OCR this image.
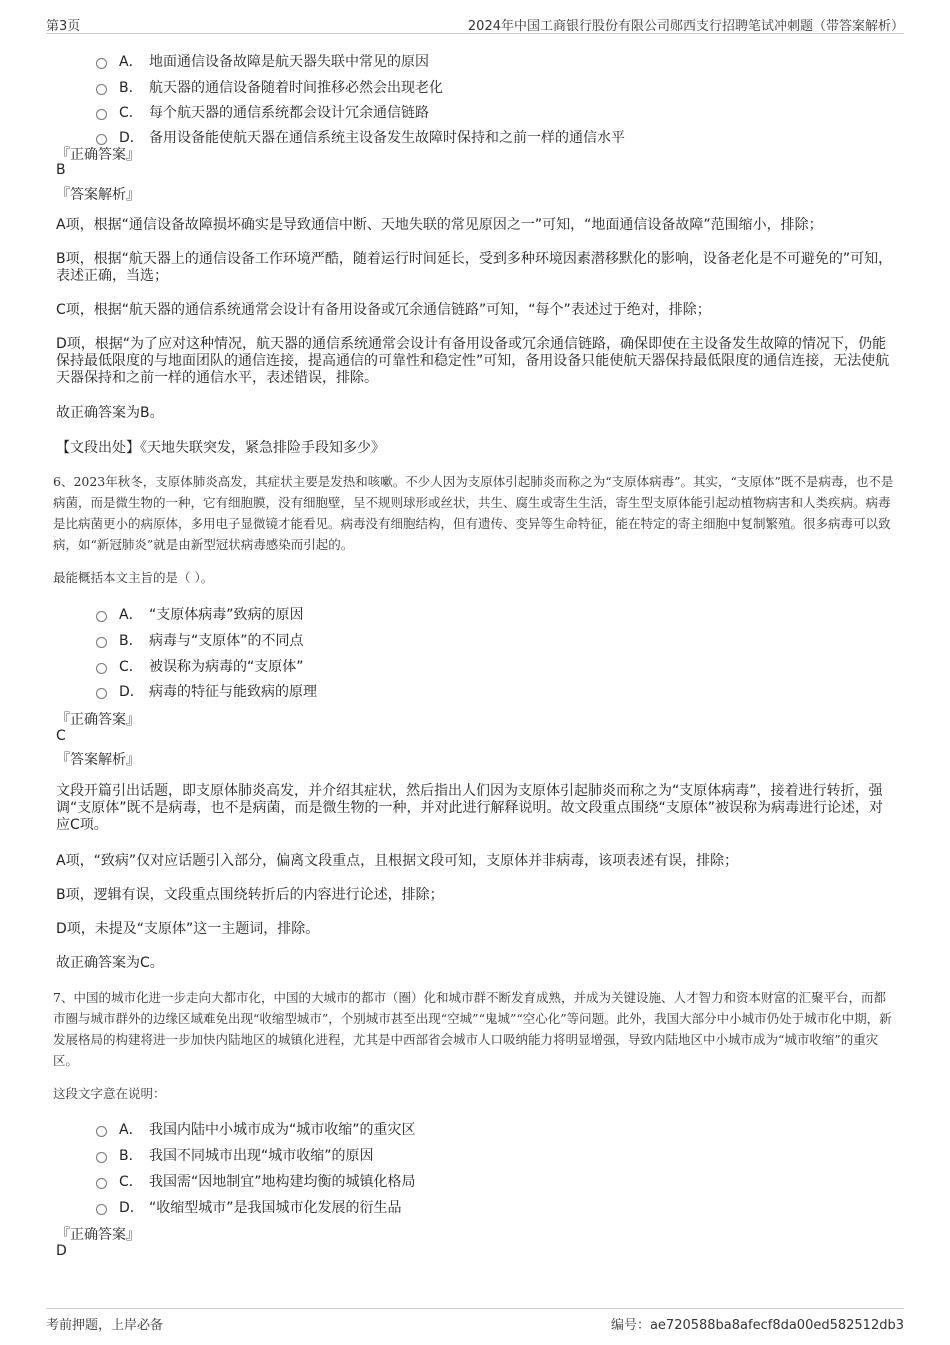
第3页	2024年中国工商银行股份有限公司郧西支行招聘笔试冲刺题（带答案解析）
A． 地面通信设备故障是航天器失联中常见的原因
B． 航天器的通信设备随着时间推移必然会出现老化
C． 每个航天器的通信系统都会设计冗余通信链路
D． 备用设备能使航天器在通信系统主设备发生故障时保持和之前一样的通信水平
『正确答案』
B
『答案解析』
A项，根据“通信设备故障损坏确实是导致通信中断、天地失联的常见原因之一”可知，“地面通信设备故障”范围缩小，排除；
B项，根据“航天器上的通信设备工作环境严酷，随着运行时间延长，受到多种环境因素潜移默化的影响，设备老化是不可避免的”可知，表述正确，当选；
C项，根据“航天器的通信系统通常会设计有备用设备或冗余通信链路”可知，“每个”表述过于绝对，排除；
D项，根据“为了应对这种情况，航天器的通信系统通常会设计有备用设备或冗余通信链路，确保即使在主设备发生故障的情况下，仍能保持最低限度的与地面团队的通信连接，提高通信的可靠性和稳定性”可知，备用设备只能使航天器保持最低限度的通信连接，无法使航天器保持和之前一样的通信水平，表述错误，排除。
故正确答案为B。
【文段出处】《天地失联突发，紧急排险手段知多少》
6、2023年秋冬，支原体肺炎高发，其症状主要是发热和咳嗽。不少人因为支原体引起肺炎而称之为“支原体病毒”。其实，“支原体”既不是病毒，也不是病菌，而是微生物的一种，它有细胞膜，没有细胞壁，呈不规则球形或丝状，共生、腐生或寄生生活，寄生型支原体能引起动植物病害和人类疾病。病毒是比病菌更小的病原体，多用电子显微镜才能看见。病毒没有细胞结构，但有遗传、变异等生命特征，能在特定的寄主细胞中复制繁殖。很多病毒可以致病，如“新冠肺炎”就是由新型冠状病毒感染而引起的。
最能概括本文主旨的是（ ）。
A． “支原体病毒”致病的原因
B． 病毒与“支原体”的不同点
C． 被误称为病毒的“支原体”
D． 病毒的特征与能致病的原理
『正确答案』
C
『答案解析』
文段开篇引出话题，即支原体肺炎高发，并介绍其症状，然后指出人们因为支原体引起肺炎而称之为“支原体病毒”，接着进行转折，强调“支原体”既不是病毒，也不是病菌，而是微生物的一种，并对此进行解释说明。故文段重点围绕“支原体”被误称为病毒进行论述，对应C项。
A项，“致病”仅对应话题引入部分，偏离文段重点，且根据文段可知，支原体并非病毒，该项表述有误，排除；
B项，逻辑有误，文段重点围绕转折后的内容进行论述，排除；
D项，未提及“支原体”这一主题词，排除。
故正确答案为C。
7、中国的城市化进一步走向大都市化，中国的大城市的都市（圈）化和城市群不断发育成熟，并成为关键设施、人才智力和资本财富的汇聚平台，而都市圈与城市群外的边缘区域难免出现“收缩型城市”，个别城市甚至出现“空城”“鬼城”“空心化”等问题。此外，我国大部分中小城市仍处于城市化中期，新发展格局的构建将进一步加快内陆地区的城镇化进程，尤其是中西部省会城市人口吸纳能力将明显增强，导致内陆地区中小城市成为“城市收缩”的重灾区。
这段文字意在说明：
A． 我国内陆中小城市成为“城市收缩”的重灾区
B． 我国不同城市出现“城市收缩”的原因
C． 我国需“因地制宜”地构建均衡的城镇化格局
D． “收缩型城市”是我国城市化发展的衍生品
『正确答案』
D
考前押题，上岸必备	编号：ae720588ba8afecf8da00ed582512db3
